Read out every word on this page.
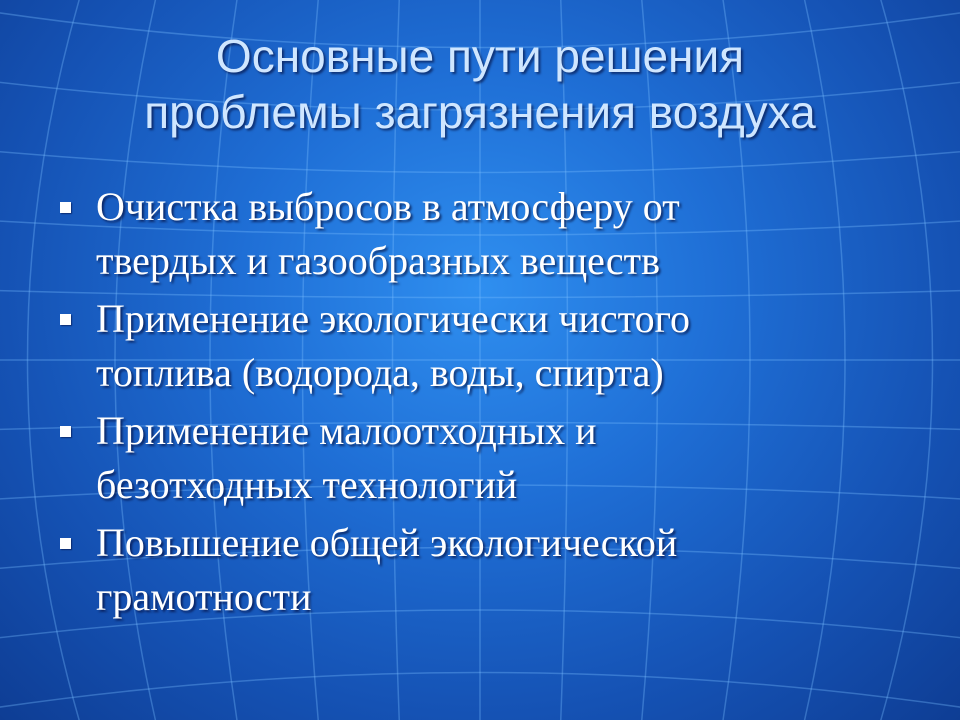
Основные пути решения
проблемы загрязнения воздуха
Очистка выбросов в атмосферу от
твердых и газообразных веществ
Применение экологически чистого
топлива (водорода, воды, спирта)
Применение малоотходных и
безотходных технологий
Повышение общей экологической
грамотности
